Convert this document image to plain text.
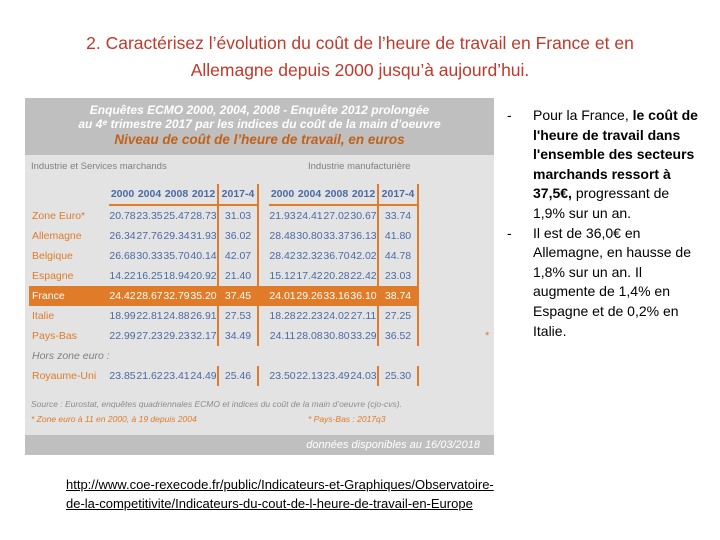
2. Caractérisez l’évolution du coût de l’heure de travail en France et en
Allemagne depuis 2000 jusqu’à aujourd’hui.
Enquêtes ECMO 2000, 2004, 2008 - Enquête 2012 prolongée
au 4ᵉ trimestre 2017 par les indices du coût de la main d’oeuvre
Niveau de coût de l’heure de travail, en euros
Industrie et Services marchands	Industrie manufacturière
	2000	2004	2008	2012	2017-4		2000	2004	2008	2012	2017-4
Zone Euro*	20.78	23.35	25.47	28.73	31.03		21.93	24.41	27.02	30.67	33.74
Allemagne	26.34	27.76	29.34	31.93	36.02		28.48	30.80	33.37	36.13	41.80
Belgique	26.68	30.33	35.70	40.14	42.07		28.42	32.32	36.70	42.02	44.78
Espagne	14.22	16.25	18.94	20.92	21.40		15.12	17.42	20.28	22.42	23.03
France	24.42	28.67	32.79	35.20	37.45		24.01	29.26	33.16	36.10	38.74
Italie	18.99	22.81	24.88	26.91	27.53		18.28	22.23	24.02	27.11	27.25
Pays-Bas	22.99	27.23	29.23	32.17	34.49		24.11	28.08	30.80	33.29	36.52
Hors zone euro :											
Royaume-Uni	23.85	21.62	23.41	24.49	25.46		23.50	22.13	23.49	24.03	25.30
Source : Eurostat, enquêtes quadriennales ECMO et indices du coût de la main d’oeuvre (cjo-cvs).
* Zone euro à 11 en 2000, à 19 depuis 2004	* Pays-Bas : 2017q3
données disponibles au 16/03/2018
*
- Pour la France, le coût de l'heure de travail dans l'ensemble des secteurs marchands ressort à 37,5€, progressant de 1,9% sur un an.
- Il est de 36,0€ en Allemagne, en hausse de 1,8% sur un an. Il augmente de 1,4% en Espagne et de 0,2% en Italie.
http://www.coe-rexecode.fr/public/Indicateurs-et-Graphiques/Observatoire-
de-la-competitivite/Indicateurs-du-cout-de-l-heure-de-travail-en-Europe
